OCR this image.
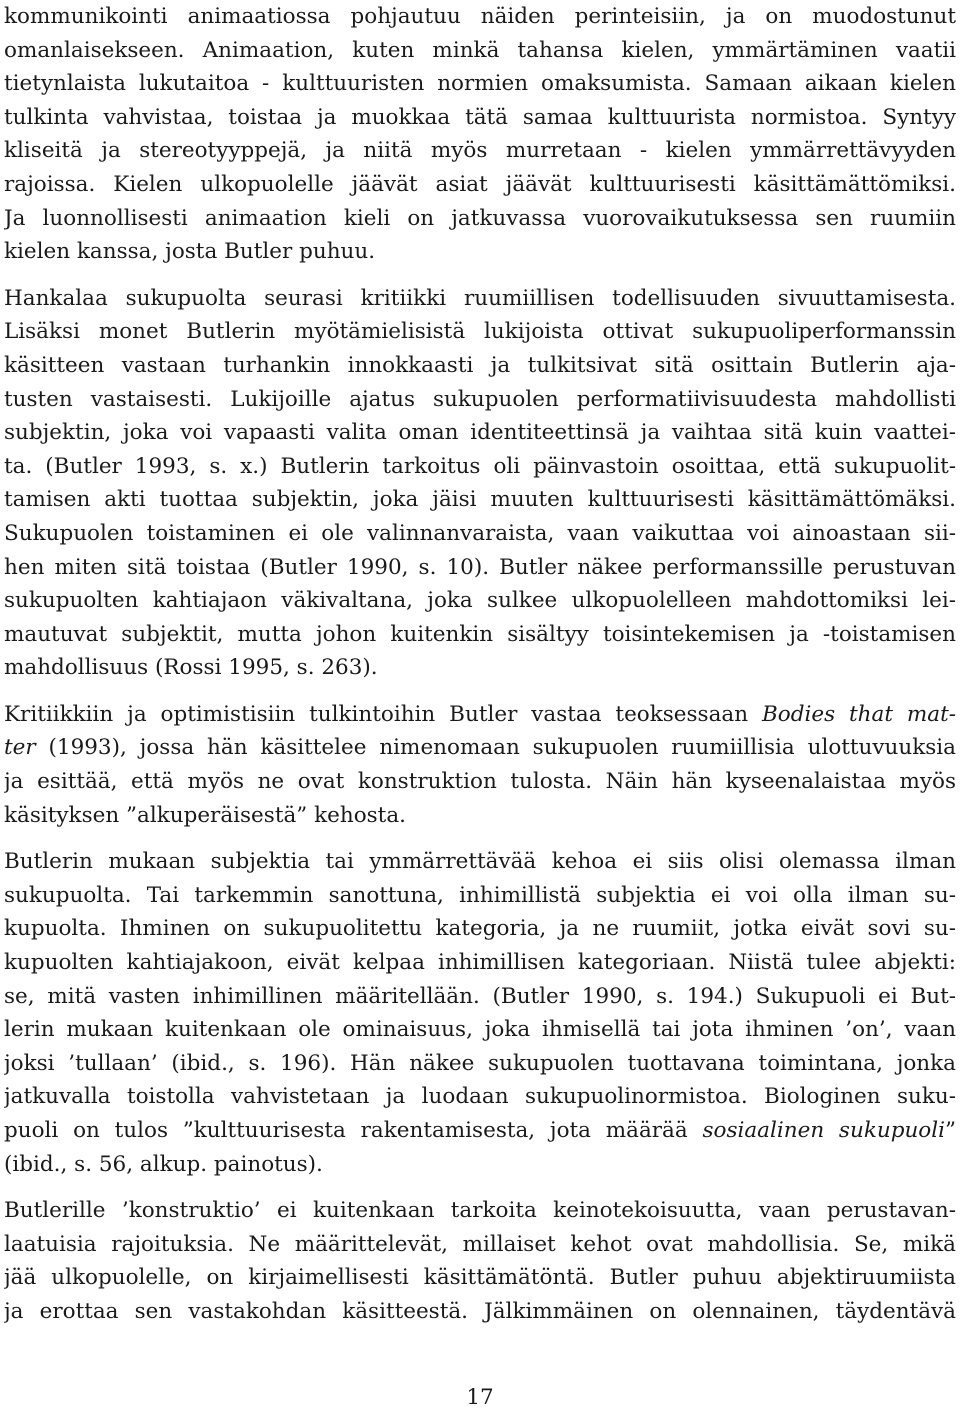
kommunikointi animaatiossa pohjautuu näiden perinteisiin, ja on muodostunut
omanlaisekseen. Animaation, kuten minkä tahansa kielen, ymmärtäminen vaatii
tietynlaista lukutaitoa - kulttuuristen normien omaksumista. Samaan aikaan kielen
tulkinta vahvistaa, toistaa ja muokkaa tätä samaa kulttuurista normistoa. Syntyy
kliseitä ja stereotyyppejä, ja niitä myös murretaan - kielen ymmärrettävyyden
rajoissa. Kielen ulkopuolelle jäävät asiat jäävät kulttuurisesti käsittämättömiksi.
Ja luonnollisesti animaation kieli on jatkuvassa vuorovaikutuksessa sen ruumiin
kielen kanssa, josta Butler puhuu.
Hankalaa sukupuolta seurasi kritiikki ruumiillisen todellisuuden sivuuttamisesta.
Lisäksi monet Butlerin myötämielisistä lukijoista ottivat sukupuoliperformanssin
käsitteen vastaan turhankin innokkaasti ja tulkitsivat sitä osittain Butlerin aja-
tusten vastaisesti. Lukijoille ajatus sukupuolen performatiivisuudesta mahdollisti
subjektin, joka voi vapaasti valita oman identiteettinsä ja vaihtaa sitä kuin vaattei-
ta. (Butler 1993, s. x.) Butlerin tarkoitus oli päinvastoin osoittaa, että sukupuolit-
tamisen akti tuottaa subjektin, joka jäisi muuten kulttuurisesti käsittämättömäksi.
Sukupuolen toistaminen ei ole valinnanvaraista, vaan vaikuttaa voi ainoastaan sii-
hen miten sitä toistaa (Butler 1990, s. 10). Butler näkee performanssille perustuvan
sukupuolten kahtiajaon väkivaltana, joka sulkee ulkopuolelleen mahdottomiksi lei-
mautuvat subjektit, mutta johon kuitenkin sisältyy toisintekemisen ja -toistamisen
mahdollisuus (Rossi 1995, s. 263).
Kritiikkiin ja optimistisiin tulkintoihin Butler vastaa teoksessaan Bodies that mat-
ter (1993), jossa hän käsittelee nimenomaan sukupuolen ruumiillisia ulottuvuuksia
ja esittää, että myös ne ovat konstruktion tulosta. Näin hän kyseenalaistaa myös
käsityksen ”alkuperäisestä” kehosta.
Butlerin mukaan subjektia tai ymmärrettävää kehoa ei siis olisi olemassa ilman
sukupuolta. Tai tarkemmin sanottuna, inhimillistä subjektia ei voi olla ilman su-
kupuolta. Ihminen on sukupuolitettu kategoria, ja ne ruumiit, jotka eivät sovi su-
kupuolten kahtiajakoon, eivät kelpaa inhimillisen kategoriaan. Niistä tulee abjekti:
se, mitä vasten inhimillinen määritellään. (Butler 1990, s. 194.) Sukupuoli ei But-
lerin mukaan kuitenkaan ole ominaisuus, joka ihmisellä tai jota ihminen ’on’, vaan
joksi ’tullaan’ (ibid., s. 196). Hän näkee sukupuolen tuottavana toimintana, jonka
jatkuvalla toistolla vahvistetaan ja luodaan sukupuolinormistoa. Biologinen suku-
puoli on tulos ”kulttuurisesta rakentamisesta, jota määrää sosiaalinen sukupuoli”
(ibid., s. 56, alkup. painotus).
Butlerille ’konstruktio’ ei kuitenkaan tarkoita keinotekoisuutta, vaan perustavan-
laatuisia rajoituksia. Ne määrittelevät, millaiset kehot ovat mahdollisia. Se, mikä
jää ulkopuolelle, on kirjaimellisesti käsittämätöntä. Butler puhuu abjektiruumiista
ja erottaa sen vastakohdan käsitteestä. Jälkimmäinen on olennainen, täydentävä
17
